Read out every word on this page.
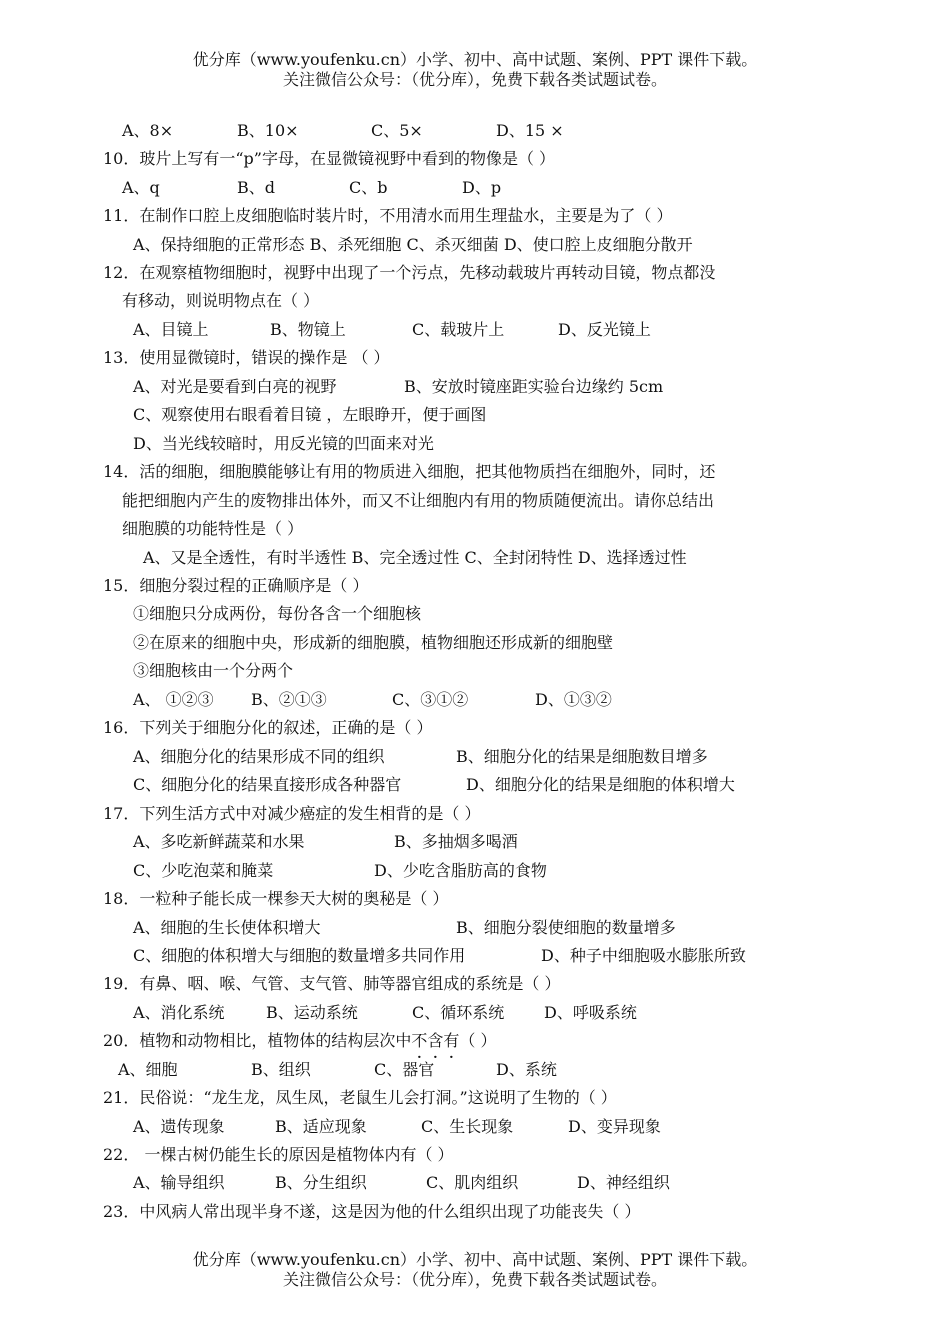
优分库（www.youfenku.cn）小学、初中、高中试题、案例、PPT 课件下载。
关注微信公众号：（优分库），免费下载各类试题试卷。
A、8×	B、10×	C、5×	D、15 ×
10．玻片上写有一“p”字母，在显微镜视野中看到的物像是（ ）
A、q	B、d	C、b	D、p
11．在制作口腔上皮细胞临时装片时，不用清水而用生理盐水，主要是为了（ ）
A、保持细胞的正常形态 B、杀死细胞 C、杀灭细菌 D、使口腔上皮细胞分散开
12．在观察植物细胞时，视野中出现了一个污点，先移动载玻片再转动目镜，物点都没
有移动，则说明物点在（ ）
A、目镜上	B、物镜上	C、载玻片上	D、反光镜上
13．使用显微镜时，错误的操作是 （ ）
A、对光是要看到白亮的视野	B、安放时镜座距实验台边缘约 5cm
C、观察使用右眼看着目镜 ，左眼睁开，便于画图
D、当光线较暗时，用反光镜的凹面来对光
14．活的细胞，细胞膜能够让有用的物质进入细胞，把其他物质挡在细胞外，同时，还
能把细胞内产生的废物排出体外，而又不让细胞内有用的物质随便流出。请你总结出
细胞膜的功能特性是（ ）
A、又是全透性，有时半透性 B、完全透过性 C、全封闭特性 D、选择透过性
15．细胞分裂过程的正确顺序是（ ）
①细胞只分成两份，每份各含一个细胞核
②在原来的细胞中央，形成新的细胞膜，植物细胞还形成新的细胞壁
③细胞核由一个分两个
A、 ①②③ B、②①③	C、③①②	D、①③②
16．下列关于细胞分化的叙述，正确的是（ ）
A、细胞分化的结果形成不同的组织	B、细胞分化的结果是细胞数目增多
C、细胞分化的结果直接形成各种器官	D、细胞分化的结果是细胞的体积增大
17．下列生活方式中对减少癌症的发生相背的是（ ）
A、多吃新鲜蔬菜和水果	B、多抽烟多喝酒
C、少吃泡菜和腌菜	D、少吃含脂肪高的食物
18．一粒种子能长成一棵参天大树的奥秘是（ ）
A、细胞的生长使体积增大	B、细胞分裂使细胞的数量增多
C、细胞的体积增大与细胞的数量增多共同作用	D、种子中细胞吸水膨胀所致
19．有鼻、咽、喉、气管、支气管、肺等器官组成的系统是（ ）
A、消化系统	B、运动系统	C、循环系统 D、呼吸系统
20．植物和动物相比，植物体的结构层次中不含有（ ）
A、细胞	B、组织	C、器官	D、系统
21．民俗说：“龙生龙，凤生凤，老鼠生儿会打洞。”这说明了生物的（ ）
A、遗传现象	B、适应现象	C、生长现象	D、变异现象
22． 一棵古树仍能生长的原因是植物体内有（ ）
A、输导组织	B、分生组织	C、肌肉组织	D、神经组织
23．中风病人常出现半身不遂，这是因为他的什么组织出现了功能丧失（ ）
优分库（www.youfenku.cn）小学、初中、高中试题、案例、PPT 课件下载。
关注微信公众号：（优分库），免费下载各类试题试卷。
